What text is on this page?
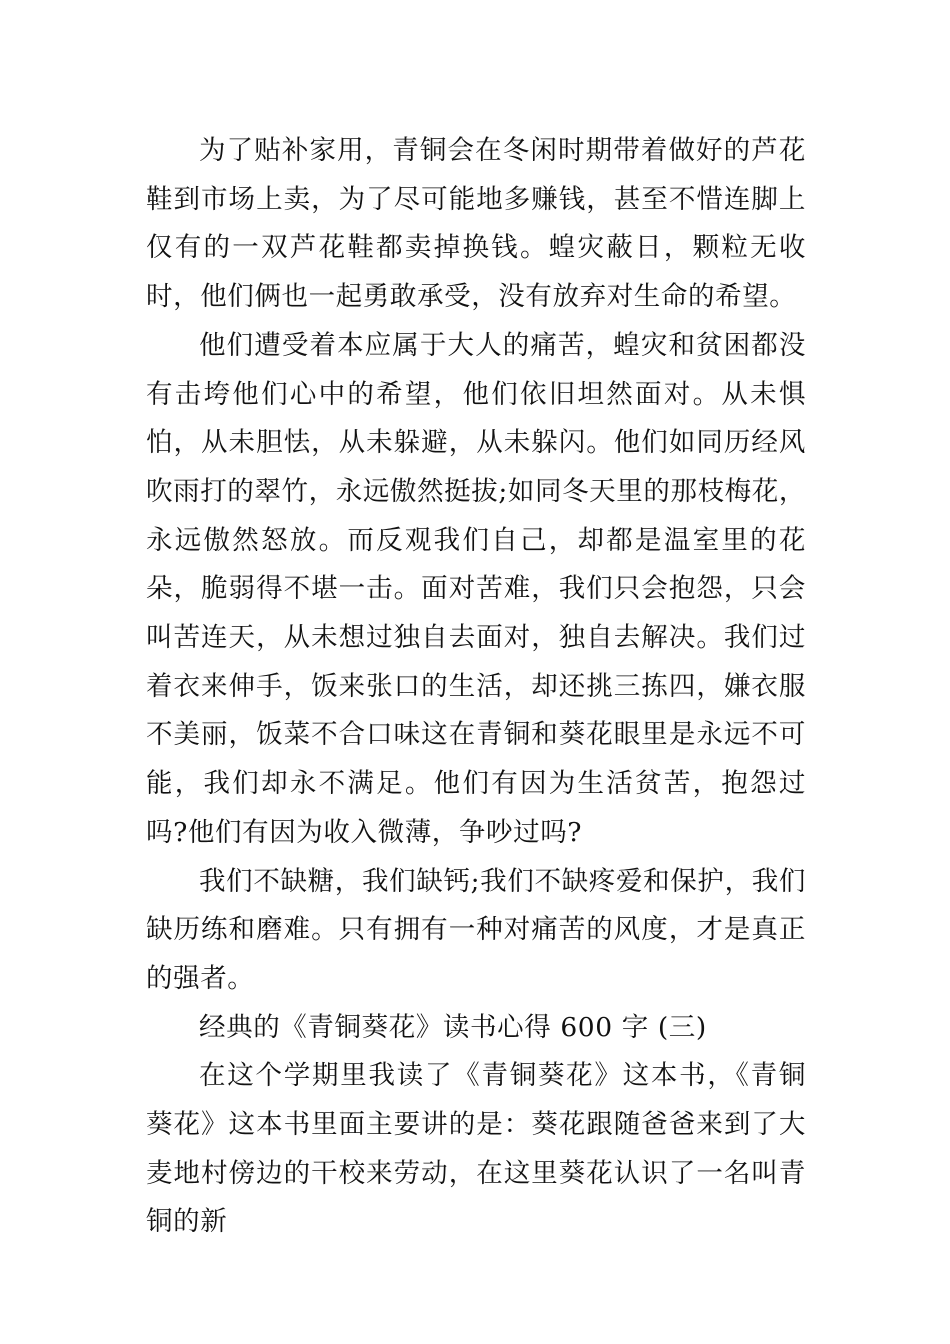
为了贴补家用，青铜会在冬闲时期带着做好的芦花鞋到市场上卖，为了尽可能地多赚钱，甚至不惜连脚上仅有的一双芦花鞋都卖掉换钱。蝗灾蔽日，颗粒无收时，他们俩也一起勇敢承受，没有放弃对生命的希望。

他们遭受着本应属于大人的痛苦，蝗灾和贫困都没有击垮他们心中的希望，他们依旧坦然面对。从未惧怕，从未胆怯，从未躲避，从未躲闪。他们如同历经风吹雨打的翠竹，永远傲然挺拔;如同冬天里的那枝梅花，永远傲然怒放。而反观我们自己，却都是温室里的花朵，脆弱得不堪一击。面对苦难，我们只会抱怨，只会叫苦连天，从未想过独自去面对，独自去解决。我们过着衣来伸手，饭来张口的生活，却还挑三拣四，嫌衣服不美丽，饭菜不合口味这在青铜和葵花眼里是永远不可能，我们却永不满足。他们有因为生活贫苦，抱怨过吗?他们有因为收入微薄，争吵过吗?

我们不缺糖，我们缺钙;我们不缺疼爱和保护，我们缺历练和磨难。只有拥有一种对痛苦的风度，才是真正的强者。

经典的《青铜葵花》读书心得 600 字 (三)

在这个学期里我读了《青铜葵花》这本书，《青铜葵花》这本书里面主要讲的是：葵花跟随爸爸来到了大麦地村傍边的干校来劳动，在这里葵花认识了一名叫青铜的新
